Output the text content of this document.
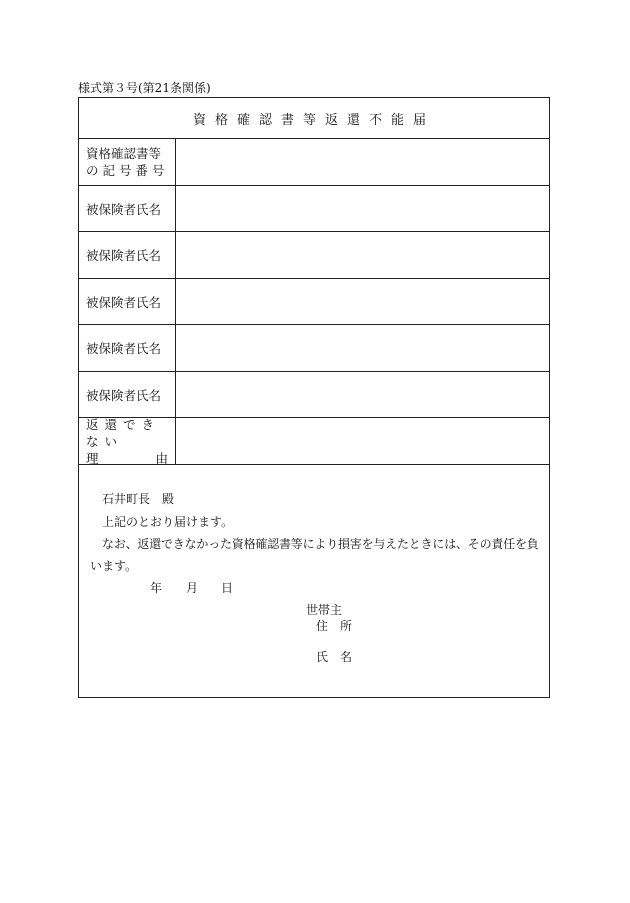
様式第３号(第21条関係)
資格確認書等返還不能届
資格確認書等
の 記 号 番 号
被保険者氏名
被保険者氏名
被保険者氏名
被保険者氏名
被保険者氏名
返還できない
理	由
石井町長　殿
上記のとおり届けます。
なお、返還できなかった資格確認書等により損害を与えたときには、その責任を負
います。
年 月 日
世帯主
住　所
氏　名
